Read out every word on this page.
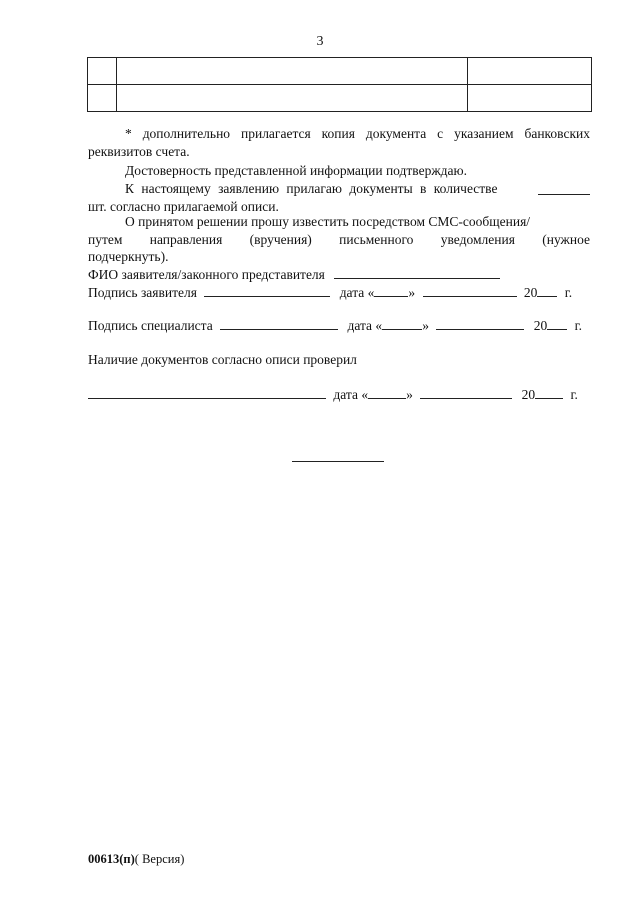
3

* дополнительно прилагается копия документа с указанием банковских
реквизитов счета.
Достоверность представленной информации подтверждаю.
К настоящему заявлению прилагаю документы в количестве
шт. согласно прилагаемой описи.
О принятом решении прошу известить посредством СМС-сообщения/
путем направления (вручения) письменного уведомления (нужное
подчеркнуть).
ФИО заявителя/законного представителя
Подпись заявителя	дата «	»	20 г.
Подпись специалиста	дата «	»	20 г.
Наличие документов согласно описи проверил
дата «	»	20	г.
00613(п)( Версия)
